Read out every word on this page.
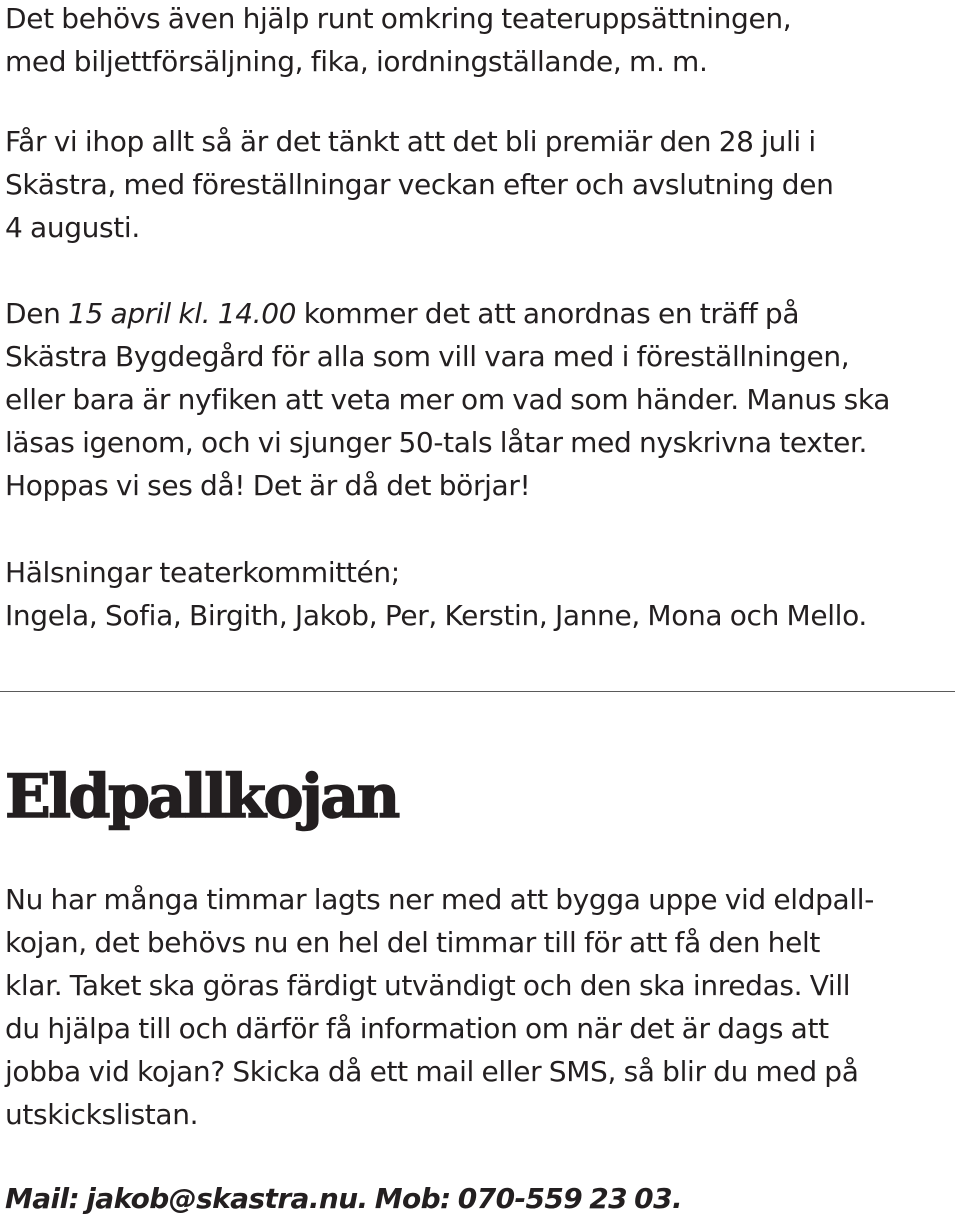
Det behövs även hjälp runt omkring teateruppsättningen,
med biljettförsäljning, fika, iordningställande, m. m.

Får vi ihop allt så är det tänkt att det bli premiär den 28 juli i
Skästra, med föreställningar veckan efter och avslutning den
4 augusti.

Den 15 april kl. 14.00 kommer det att anordnas en träff på
Skästra Bygdegård för alla som vill vara med i föreställningen,
eller bara är nyfiken att veta mer om vad som händer. Manus ska
läsas igenom, och vi sjunger 50-tals låtar med nyskrivna texter.
Hoppas vi ses då! Det är då det börjar!

Hälsningar teaterkommittén;
Ingela, Sofia, Birgith, Jakob, Per, Kerstin, Janne, Mona och Mello.

Eldpallkojan

Nu har många timmar lagts ner med att bygga uppe vid eldpall-
kojan, det behövs nu en hel del timmar till för att få den helt
klar. Taket ska göras färdigt utvändigt och den ska inredas. Vill
du hjälpa till och därför få information om när det är dags att
jobba vid kojan? Skicka då ett mail eller SMS, så blir du med på
utskickslistan.

Mail: jakob@skastra.nu. Mob: 070-559 23 03.
